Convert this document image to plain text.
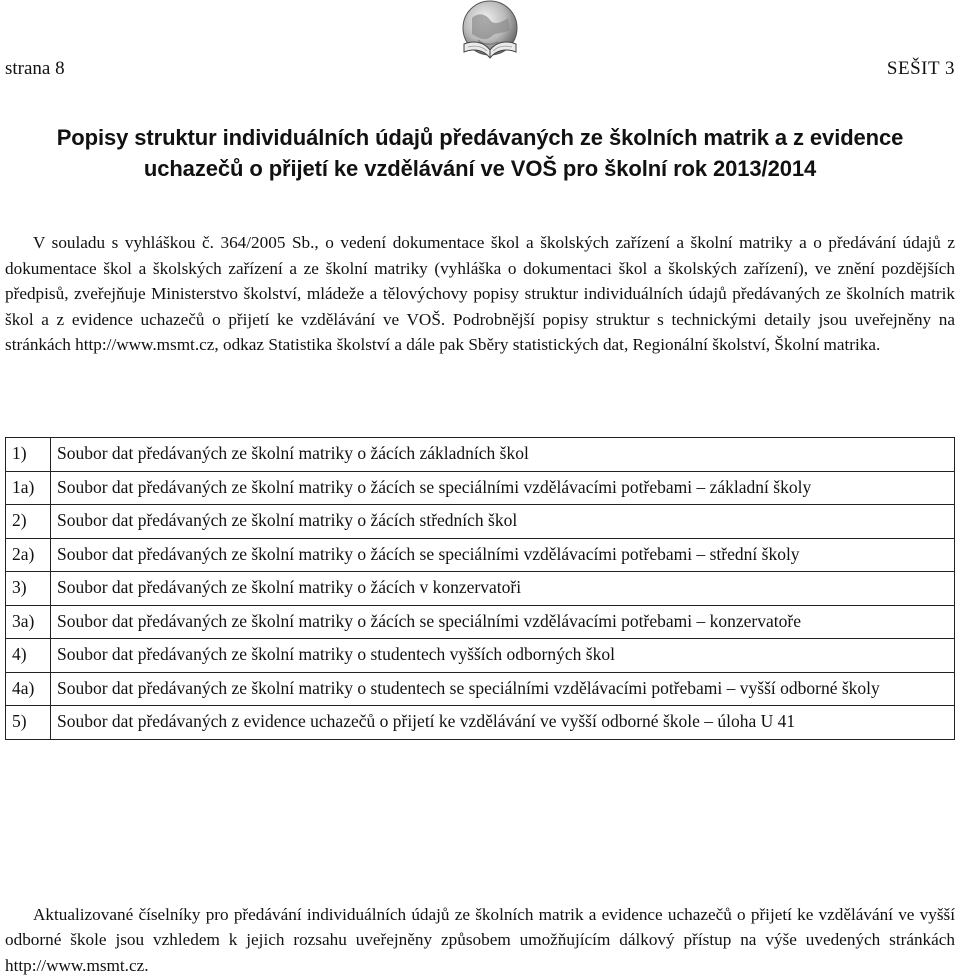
strana 8	SEŠIT 3
Popisy struktur individuálních údajů předávaných ze školních matrik a z evidence
uchazečů o přijetí ke vzdělávání ve VOŠ pro školní rok 2013/2014

V souladu s vyhláškou č. 364/2005 Sb., o vedení dokumentace škol a školských zařízení a školní matriky a o předávání údajů z dokumentace škol a školských zařízení a ze školní matriky (vyhláška o dokumentaci škol a školských zařízení), ve znění pozdějších předpisů, zveřejňuje Ministerstvo školství, mládeže a tělovýchovy popisy struktur individuálních údajů předávaných ze školních matrik škol a z evidence uchazečů o přijetí ke vzdělávání ve VOŠ. Podrobnější popisy struktur s technickými detaily jsou uveřejněny na stránkách http://www.msmt.cz, odkaz Statistika školství a dále pak Sběry statistických dat, Regionální školství, Školní matrika.

1)	Soubor dat předávaných ze školní matriky o žácích základních škol
1a)	Soubor dat předávaných ze školní matriky o žácích se speciálními vzdělávacími potřebami – základní školy
2)	Soubor dat předávaných ze školní matriky o žácích středních škol
2a)	Soubor dat předávaných ze školní matriky o žácích se speciálními vzdělávacími potřebami – střední školy
3)	Soubor dat předávaných ze školní matriky o žácích v konzervatoři
3a)	Soubor dat předávaných ze školní matriky o žácích se speciálními vzdělávacími potřebami – konzervatoře
4)	Soubor dat předávaných ze školní matriky o studentech vyšších odborných škol
4a)	Soubor dat předávaných ze školní matriky o studentech se speciálními vzdělávacími potřebami – vyšší odborné školy
5)	Soubor dat předávaných z evidence uchazečů o přijetí ke vzdělávání ve vyšší odborné škole – úloha U 41

Aktualizované číselníky pro předávání individuálních údajů ze školních matrik a evidence uchazečů o přijetí ke vzdělávání ve vyšší odborné škole jsou vzhledem k jejich rozsahu uveřejněny způsobem umožňujícím dálkový přístup na výše uvedených stránkách http://www.msmt.cz.
